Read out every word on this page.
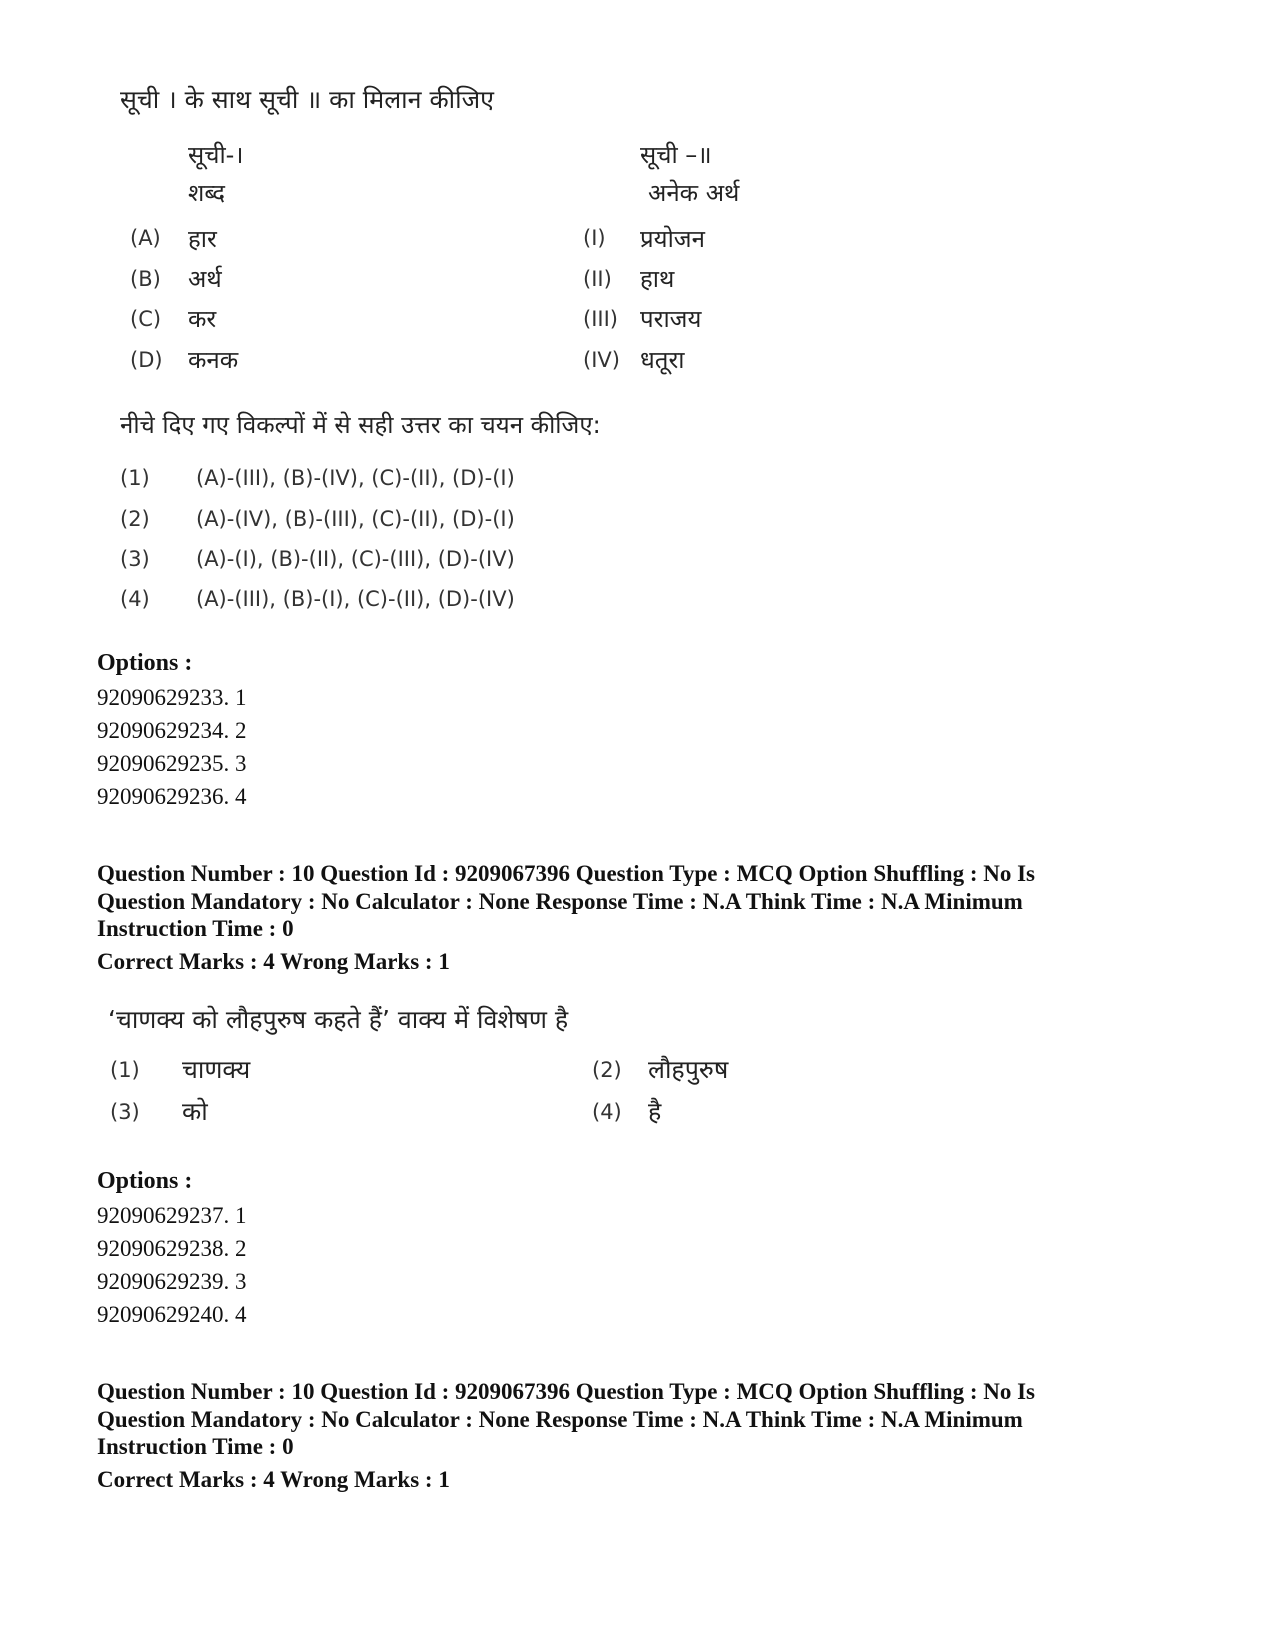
सूची । के साथ सूची ॥ का मिलान कीजिए
सूची-।
शब्द
सूची –॥
अनेक अर्थ
(A) हार	(I) प्रयोजन
(B) अर्थ	(II) हाथ
(C) कर	(III) पराजय
(D) कनक	(IV) धतूरा
नीचे दिए गए विकल्पों में से सही उत्तर का चयन कीजिए:
(1) (A)-(III), (B)-(IV), (C)-(II), (D)-(I)
(2) (A)-(IV), (B)-(III), (C)-(II), (D)-(I)
(3) (A)-(I), (B)-(II), (C)-(III), (D)-(IV)
(4) (A)-(III), (B)-(I), (C)-(II), (D)-(IV)
Options :
92090629233. 1
92090629234. 2
92090629235. 3
92090629236. 4
Question Number : 10 Question Id : 9209067396 Question Type : MCQ Option Shuffling : No Is
Question Mandatory : No Calculator : None Response Time : N.A Think Time : N.A Minimum
Instruction Time : 0
Correct Marks : 4 Wrong Marks : 1
‘चाणक्य को लौहपुरुष कहते हैं’ वाक्य में विशेषण है
(1) चाणक्य	(2) लौहपुरुष
(3) को	(4) है
Options :
92090629237. 1
92090629238. 2
92090629239. 3
92090629240. 4
Question Number : 10 Question Id : 9209067396 Question Type : MCQ Option Shuffling : No Is
Question Mandatory : No Calculator : None Response Time : N.A Think Time : N.A Minimum
Instruction Time : 0
Correct Marks : 4 Wrong Marks : 1
